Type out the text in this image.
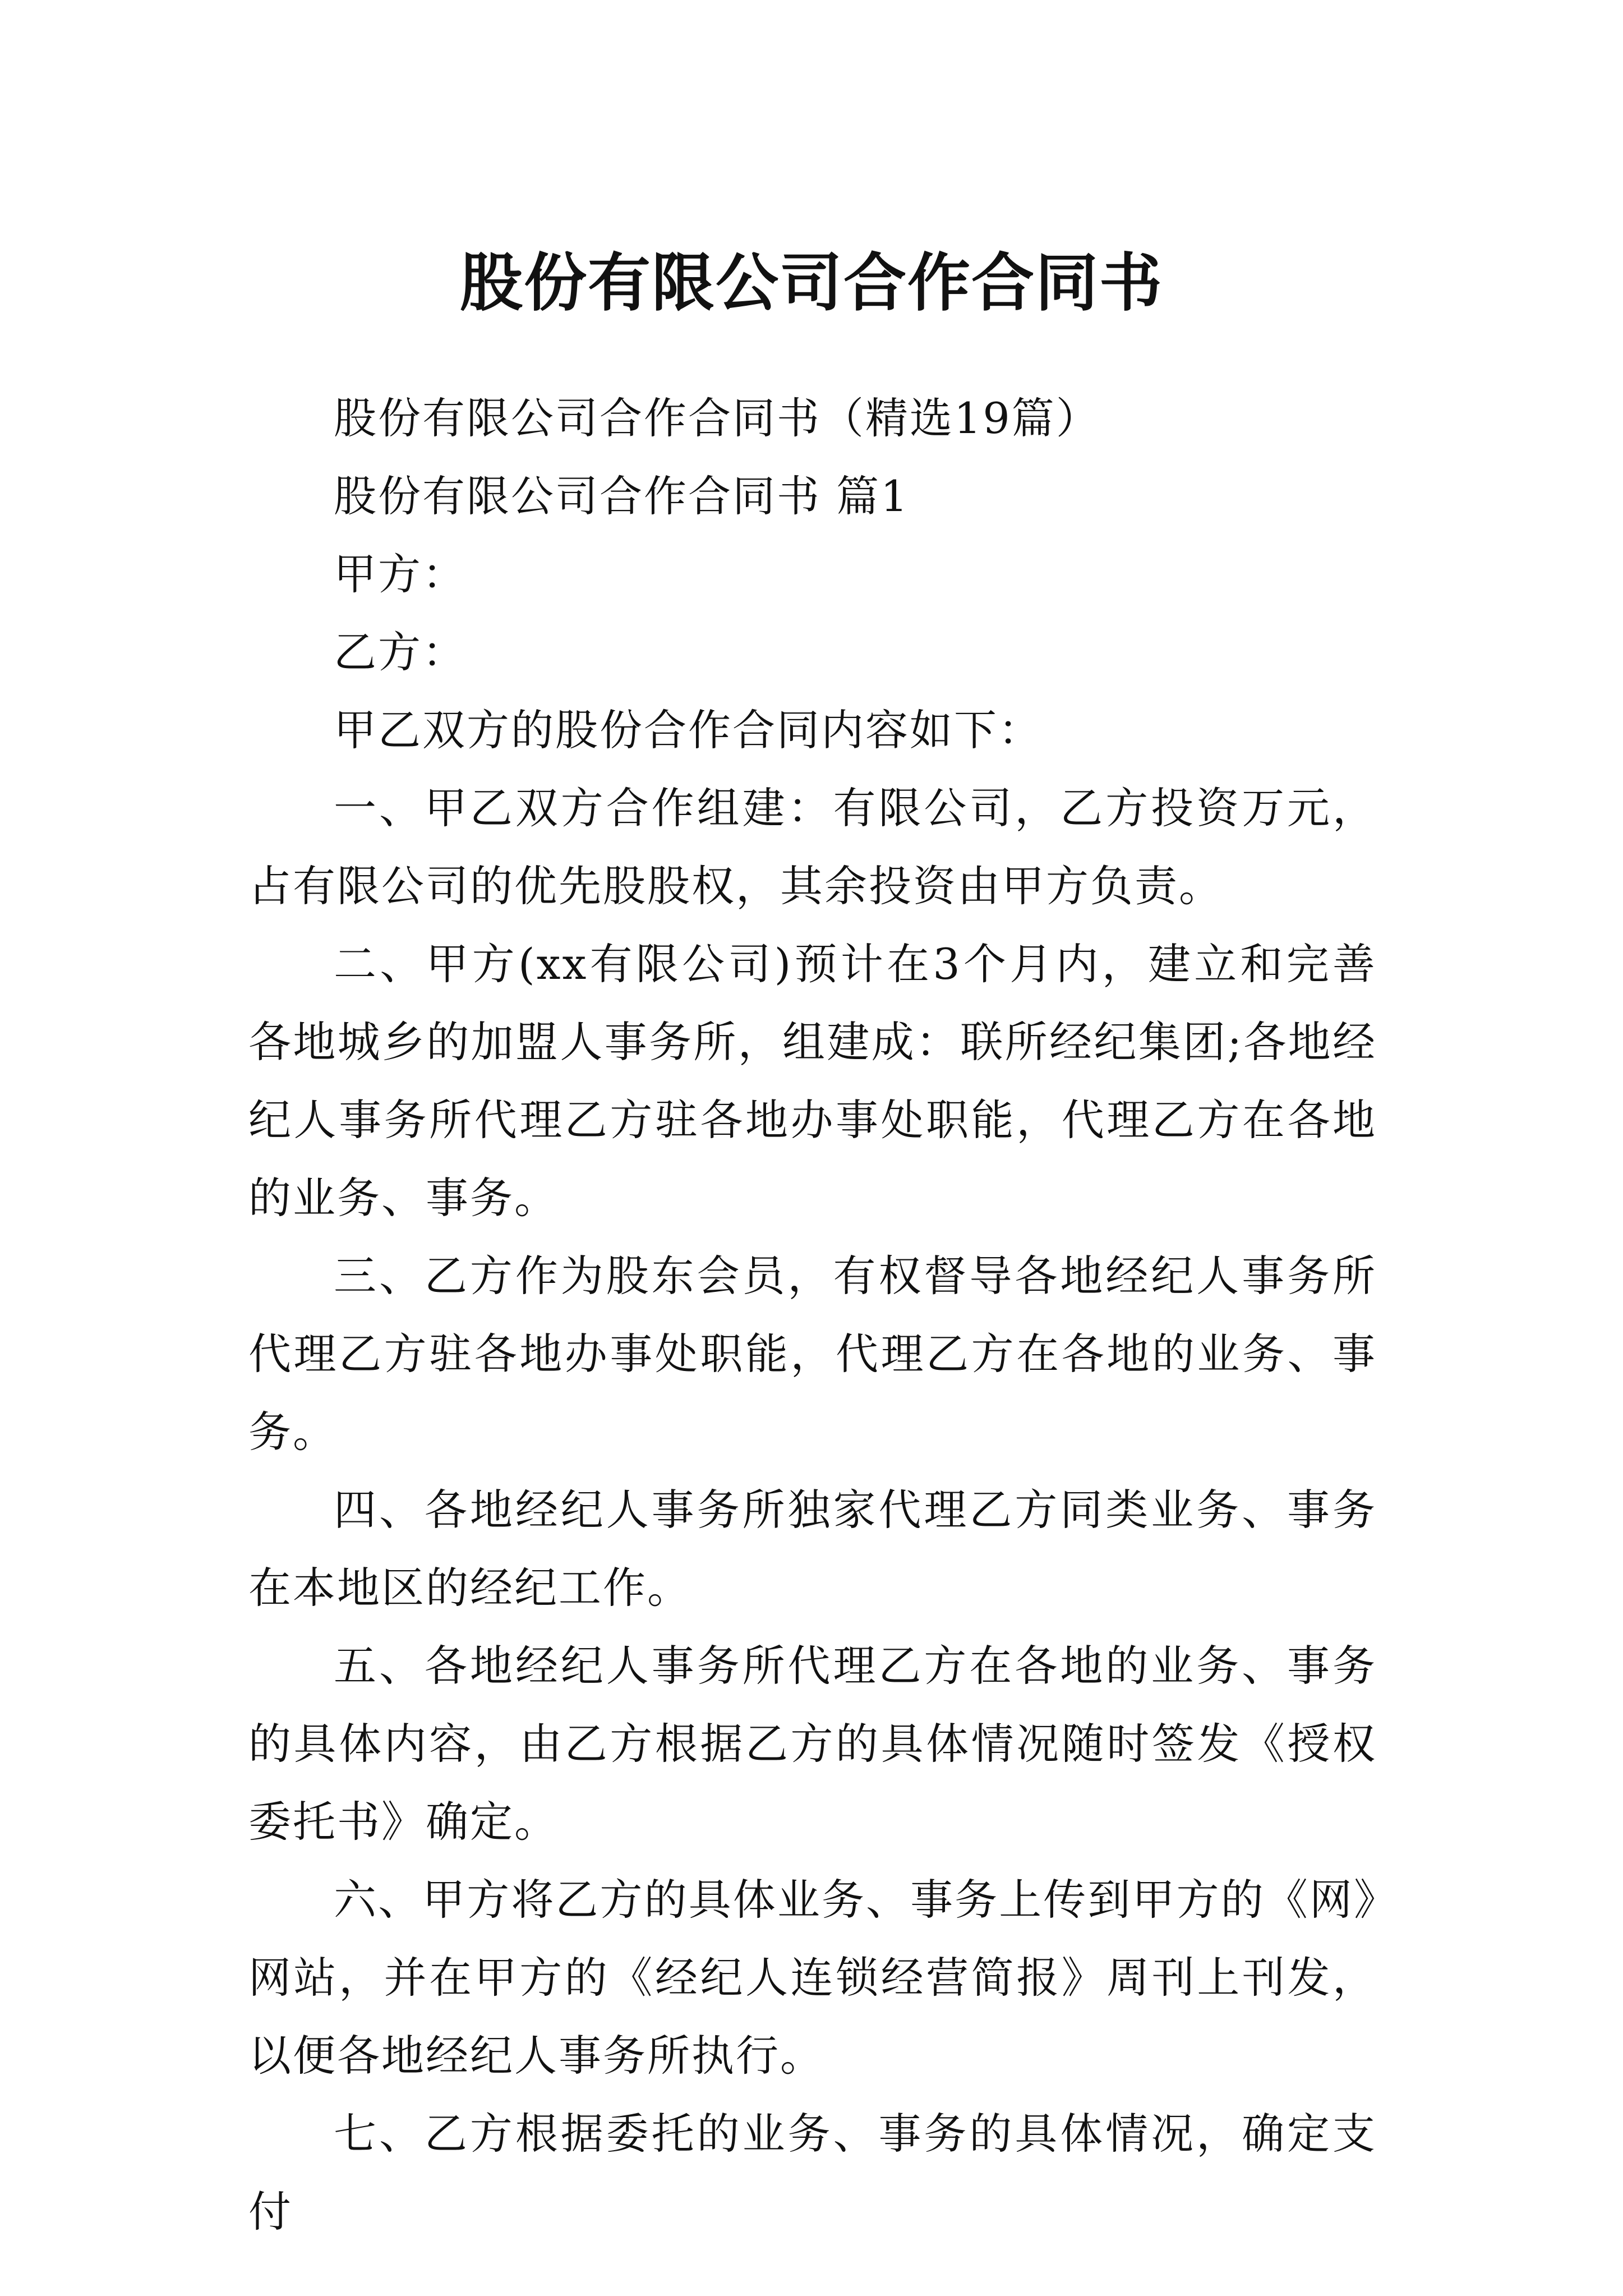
股份有限公司合作合同书

股份有限公司合作合同书（精选19篇）

股份有限公司合作合同书 篇1

甲方：

乙方：

甲乙双方的股份合作合同内容如下：

一、甲乙双方合作组建：有限公司，乙方投资万元，占有限公司的优先股股权，其余投资由甲方负责。

二、甲方(xx有限公司)预计在3个月内，建立和完善各地城乡的加盟人事务所，组建成：联所经纪集团;各地经纪人事务所代理乙方驻各地办事处职能，代理乙方在各地的业务、事务。

三、乙方作为股东会员，有权督导各地经纪人事务所代理乙方驻各地办事处职能，代理乙方在各地的业务、事务。

四、各地经纪人事务所独家代理乙方同类业务、事务在本地区的经纪工作。

五、各地经纪人事务所代理乙方在各地的业务、事务的具体内容，由乙方根据乙方的具体情况随时签发《授权委托书》确定。

六、甲方将乙方的具体业务、事务上传到甲方的《网》网站，并在甲方的《经纪人连锁经营简报》周刊上刊发，以便各地经纪人事务所执行。

七、乙方根据委托的业务、事务的具体情况，确定支付
